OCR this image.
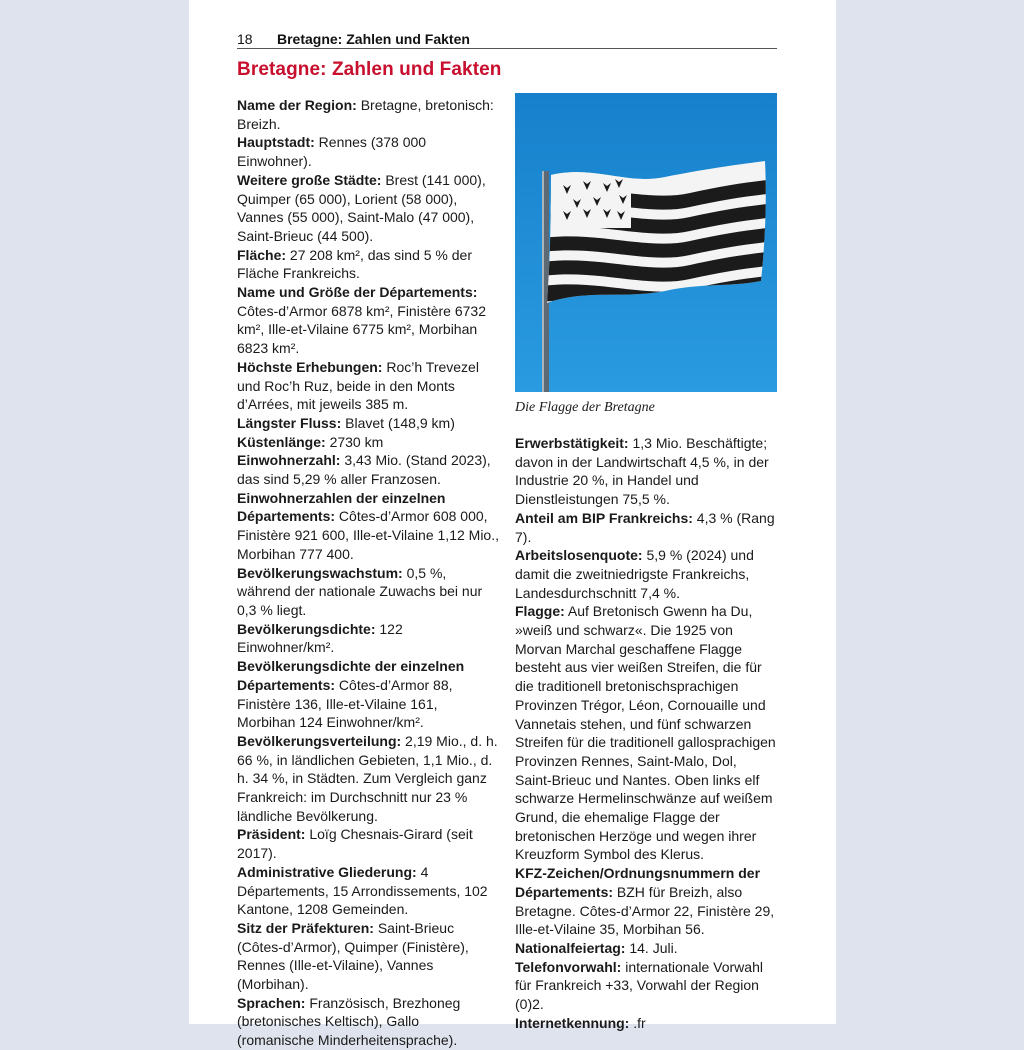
18 Bretagne: Zahlen und Fakten
Bretagne: Zahlen und Fakten

Name der Region: Bretagne, bretonisch: Breizh.

Hauptstadt: Rennes (378 000 Einwohner).

Weitere große Städte: Brest (141 000), Quimper (65 000), Lorient (58 000), Vannes (55 000), Saint-Malo (47 000), Saint-Brieuc (44 500).

Fläche: 27 208 km², das sind 5 % der Fläche Frankreichs.

Name und Größe der Départements: Côtes-d’Armor 6878 km², Finistère 6732 km², Ille-et-Vilaine 6775 km², Morbihan 6823 km².

Höchste Erhebungen: Roc’h Trevezel und Roc’h Ruz, beide in den Monts d’Arrées, mit jeweils 385 m.

Längster Fluss: Blavet (148,9 km)

Küstenlänge: 2730 km

Einwohnerzahl: 3,43 Mio. (Stand 2023), das sind 5,29 % aller Franzosen.

Einwohnerzahlen der einzelnen Départements: Côtes-d’Armor 608 000, Finistère 921 600, Ille-et-Vilaine 1,12 Mio., Morbihan 777 400.

Bevölkerungswachstum: 0,5 %, während der nationale Zuwachs bei nur 0,3 % liegt.

Bevölkerungsdichte: 122 Einwohner/km².

Bevölkerungsdichte der einzelnen Départements: Côtes-d’Armor 88, Finistère 136, Ille-et-Vilaine 161, Morbihan 124 Einwohner/km².

Bevölkerungsverteilung: 2,19 Mio., d. h. 66 %, in ländlichen Gebieten, 1,1 Mio., d. h. 34 %, in Städten. Zum Vergleich ganz Frankreich: im Durchschnitt nur 23 % ländliche Bevölkerung.

Präsident: Loïg Chesnais-Girard (seit 2017).

Administrative Gliederung: 4 Départements, 15 Arrondissements, 102 Kantone, 1208 Gemeinden.

Sitz der Präfekturen: Saint-Brieuc (Côtes-d’Armor), Quimper (Finistère), Rennes (Ille-et-Vilaine), Vannes (Morbihan).

Sprachen: Französisch, Brezhoneg (bretonisches Keltisch), Gallo (romanische Minderheitensprache).

Die Flagge der Bretagne

Erwerbstätigkeit: 1,3 Mio. Beschäftigte; davon in der Landwirtschaft 4,5 %, in der Industrie 20 %, in Handel und Dienstleistungen 75,5 %.

Anteil am BIP Frankreichs: 4,3 % (Rang 7).

Arbeitslosenquote: 5,9 % (2024) und damit die zweitniedrigste Frankreichs, Landesdurchschnitt 7,4 %.

Flagge: Auf Bretonisch Gwenn ha Du, »weiß und schwarz«. Die 1925 von Morvan Marchal geschaffene Flagge besteht aus vier weißen Streifen, die für die traditionell bretonischsprachigen Provinzen Trégor, Léon, Cornouaille und Vannetais stehen, und fünf schwarzen Streifen für die traditionell gallosprachigen Provinzen Rennes, Saint-Malo, Dol, Saint-Brieuc und Nantes. Oben links elf schwarze Hermelinschwänze auf weißem Grund, die ehemalige Flagge der bretonischen Herzöge und wegen ihrer Kreuzform Symbol des Klerus.

KFZ-Zeichen/Ordnungsnummern der Départements: BZH für Breizh, also Bretagne. Côtes-d’Armor 22, Finistère 29, Ille-et-Vilaine 35, Morbihan 56.

Nationalfeiertag: 14. Juli.

Telefonvorwahl: internationale Vorwahl für Frankreich +33, Vorwahl der Region (0)2.

Internetkennung: .fr
